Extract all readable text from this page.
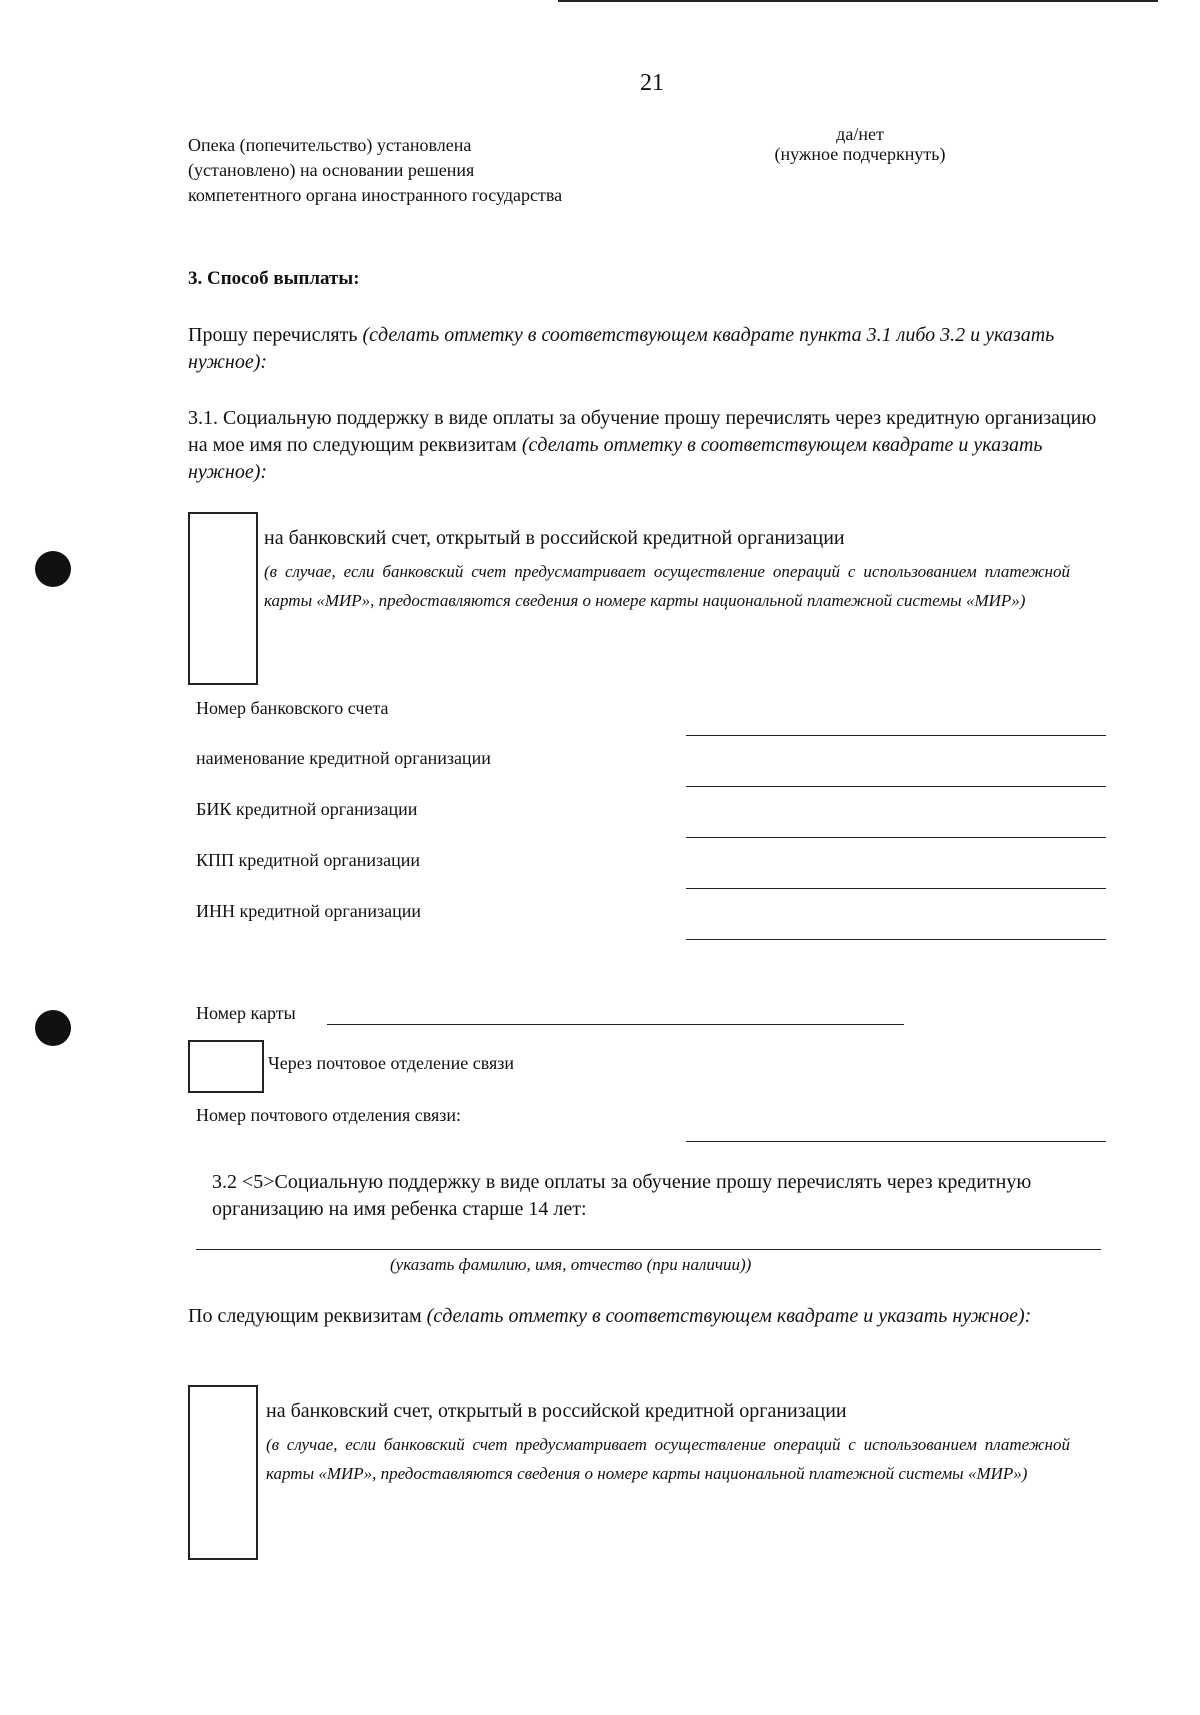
21
Опека (попечительство) установлена (установлено) на основании решения компетентного органа иностранного государства
да/нет
(нужное подчеркнуть)
3. Способ выплаты:
Прошу перечислять (сделать отметку в соответствующем квадрате пункта 3.1 либо 3.2 и указать нужное):
3.1. Социальную поддержку в виде оплаты за обучение прошу перечислять через кредитную организацию на мое имя по следующим реквизитам (сделать отметку в соответствующем квадрате и указать нужное):
на банковский счет, открытый в российской кредитной организации
(в случае, если банковский счет предусматривает осуществление операций с использованием платежной карты «МИР», предоставляются сведения о номере карты национальной платежной системы «МИР»)
Номер банковского счета
наименование кредитной организации
БИК кредитной организации
КПП кредитной организации
ИНН кредитной организации
Номер карты
Через почтовое отделение связи
Номер почтового отделения связи:
3.2 <5>Социальную поддержку в виде оплаты за обучение прошу перечислять через кредитную организацию на имя ребенка старше 14 лет:
(указать фамилию, имя, отчество (при наличии))
По следующим реквизитам (сделать отметку в соответствующем квадрате и указать нужное):
на банковский счет, открытый в российской кредитной организации
(в случае, если банковский счет предусматривает осуществление операций с использованием платежной карты «МИР», предоставляются сведения о номере карты национальной платежной системы «МИР»)
